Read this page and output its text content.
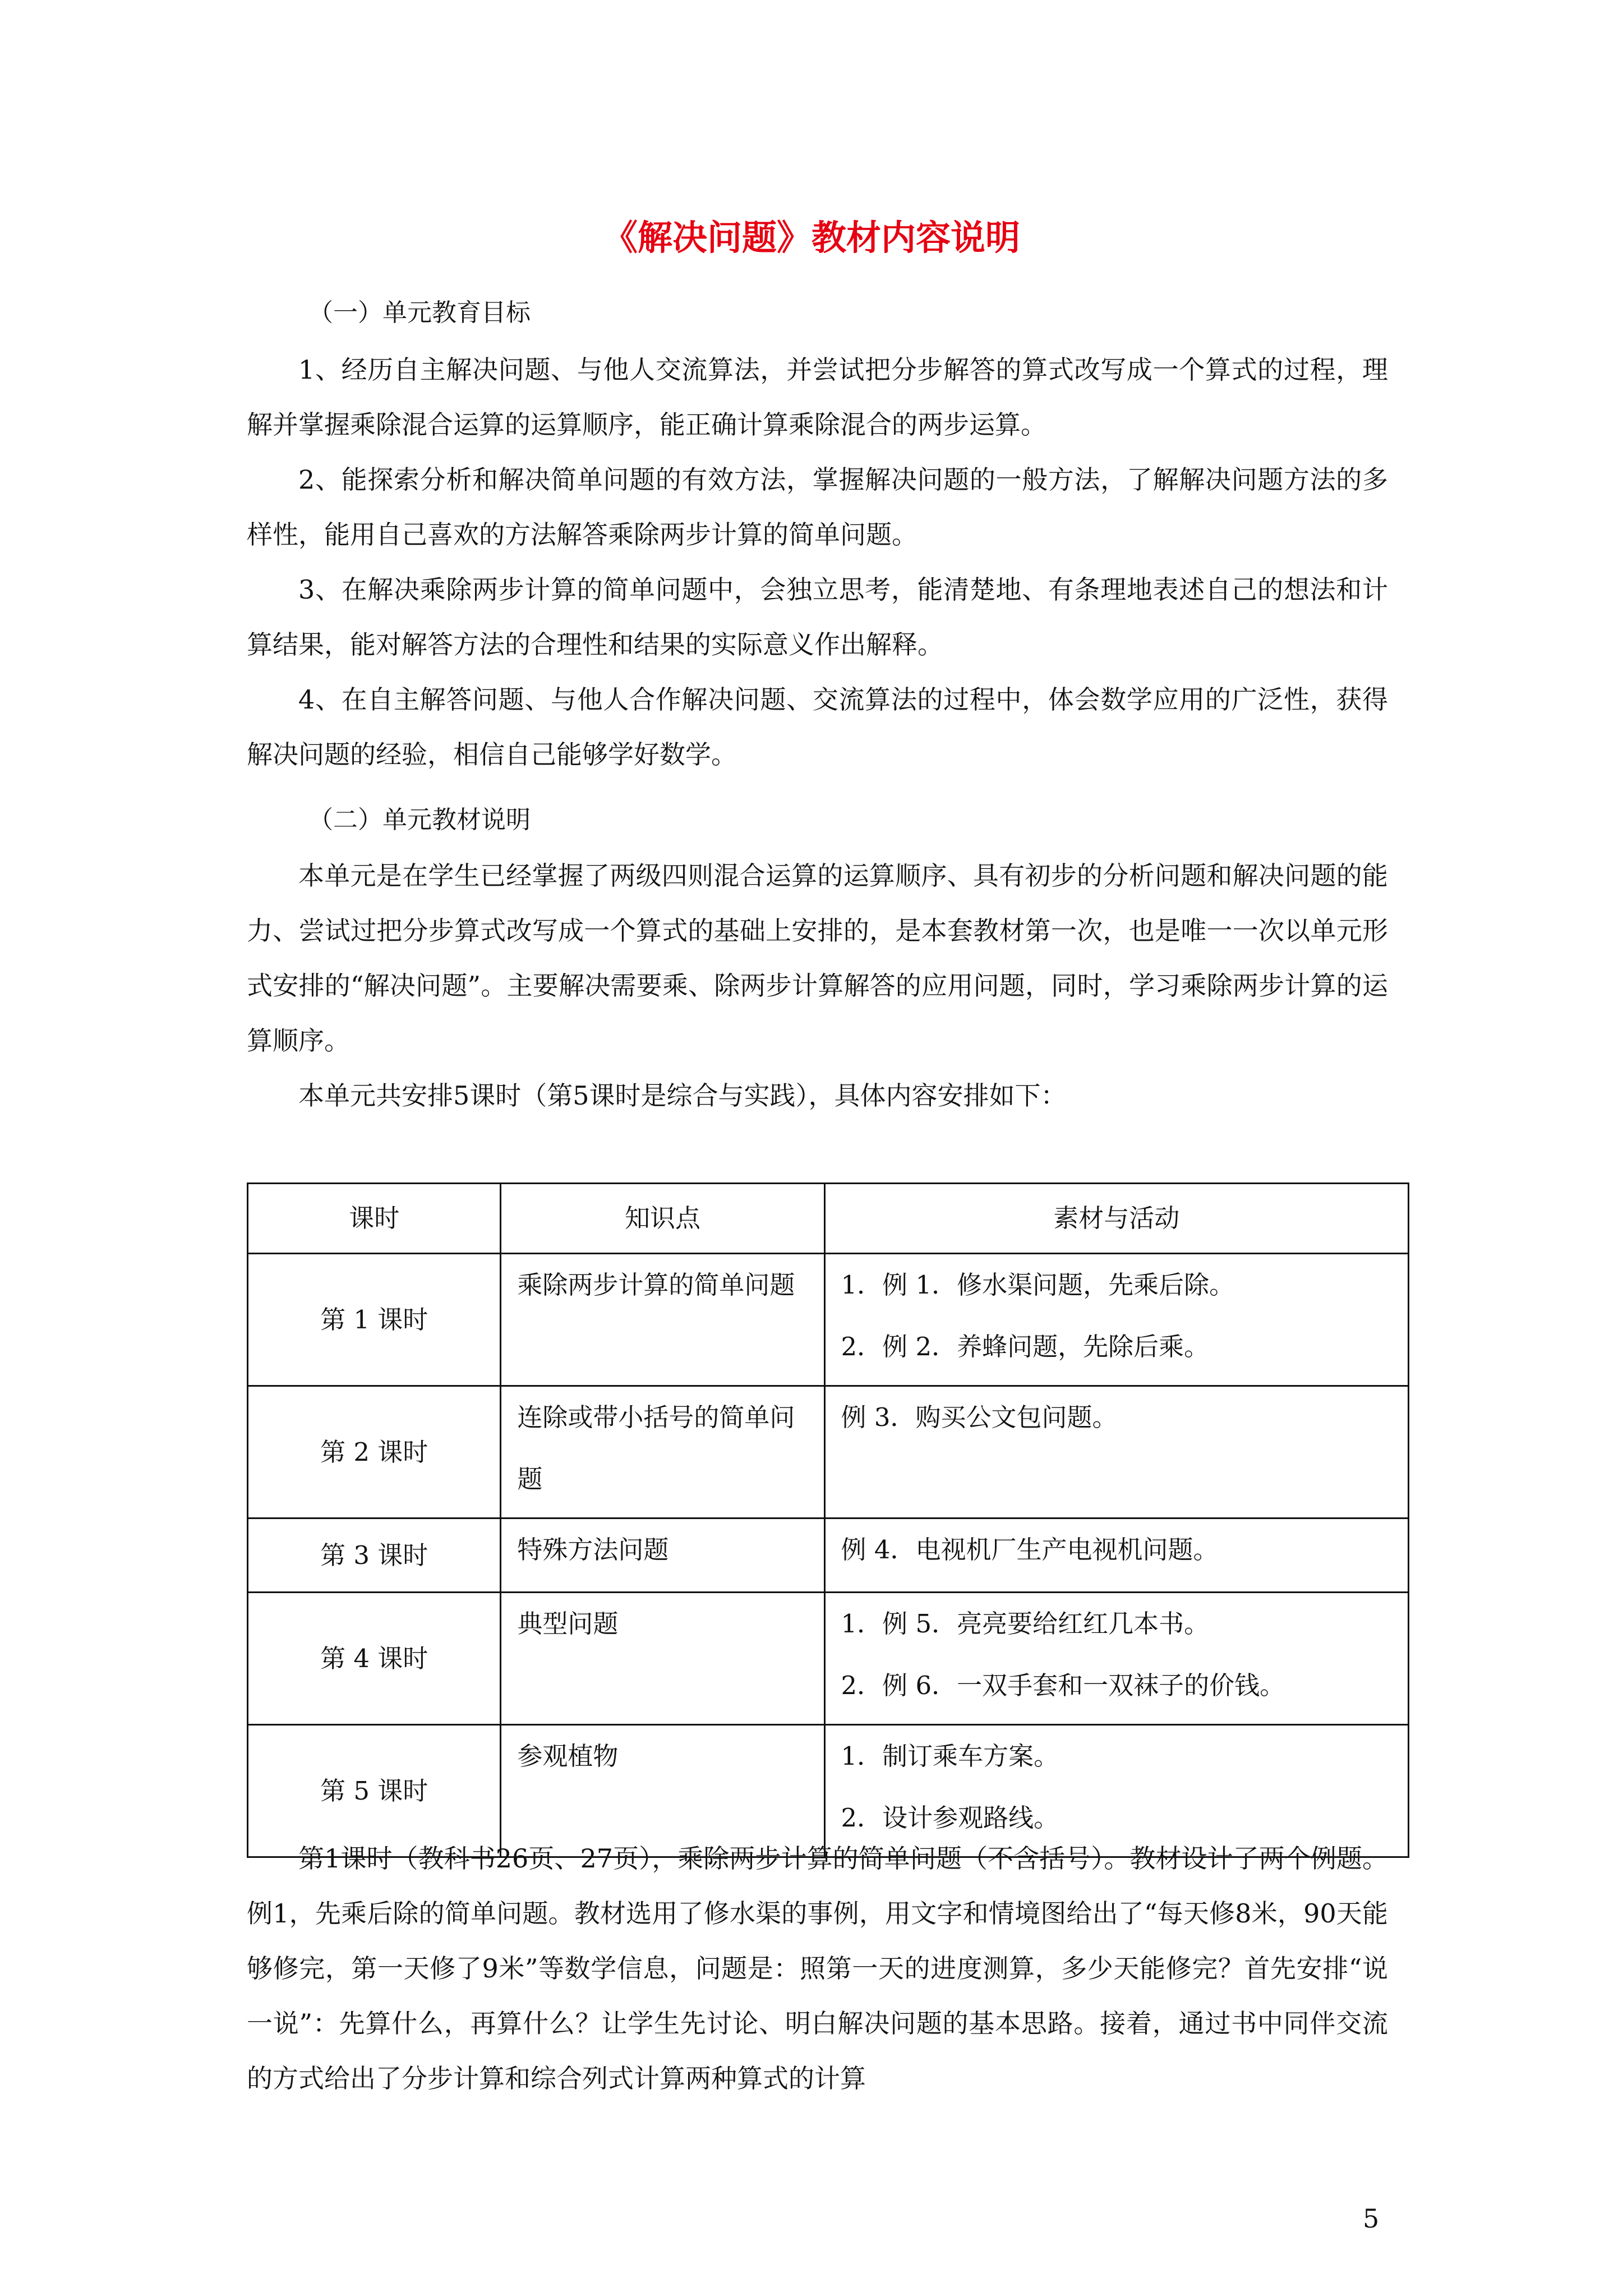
《解决问题》教材内容说明
（一）单元教育目标

1、经历自主解决问题、与他人交流算法，并尝试把分步解答的算式改写成一个算式的过程，理解并掌握乘除混合运算的运算顺序，能正确计算乘除混合的两步运算。

2、能探索分析和解决简单问题的有效方法，掌握解决问题的一般方法，了解解决问题方法的多样性，能用自己喜欢的方法解答乘除两步计算的简单问题。

3、在解决乘除两步计算的简单问题中，会独立思考，能清楚地、有条理地表述自己的想法和计算结果，能对解答方法的合理性和结果的实际意义作出解释。

4、在自主解答问题、与他人合作解决问题、交流算法的过程中，体会数学应用的广泛性，获得解决问题的经验，相信自己能够学好数学。

（二）单元教材说明

本单元是在学生已经掌握了两级四则混合运算的运算顺序、具有初步的分析问题和解决问题的能力、尝试过把分步算式改写成一个算式的基础上安排的，是本套教材第一次，也是唯一一次以单元形式安排的“解决问题”。主要解决需要乘、除两步计算解答的应用问题，同时，学习乘除两步计算的运算顺序。

本单元共安排5课时（第5课时是综合与实践），具体内容安排如下：

课时	知识点	素材与活动
第 1 课时	乘除两步计算的简单问题	1．例 1．修水渠问题，先乘后除。
2．例 2．养蜂问题，先除后乘。

第 2 课时	连除或带小括号的简单问题	例 3．购买公文包问题。

第 3 课时	特殊方法问题	例 4．电视机厂生产电视机问题。

第 4 课时	典型问题	1．例 5．亮亮要给红红几本书。
2．例 6．一双手套和一双袜子的价钱。

第 5 课时	参观植物	1．制订乘车方案。
2．设计参观路线。

第1课时（教科书26页、27页），乘除两步计算的简单问题（不含括号）。教材设计了两个例题。例1，先乘后除的简单问题。教材选用了修水渠的事例，用文字和情境图给出了“每天修8米，90天能够修完，第一天修了9米”等数学信息，问题是：照第一天的进度测算，多少天能修完？首先安排“说一说”：先算什么，再算什么？让学生先讨论、明白解决问题的基本思路。接着，通过书中同伴交流的方式给出了分步计算和综合列式计算两种算式的计算

5
